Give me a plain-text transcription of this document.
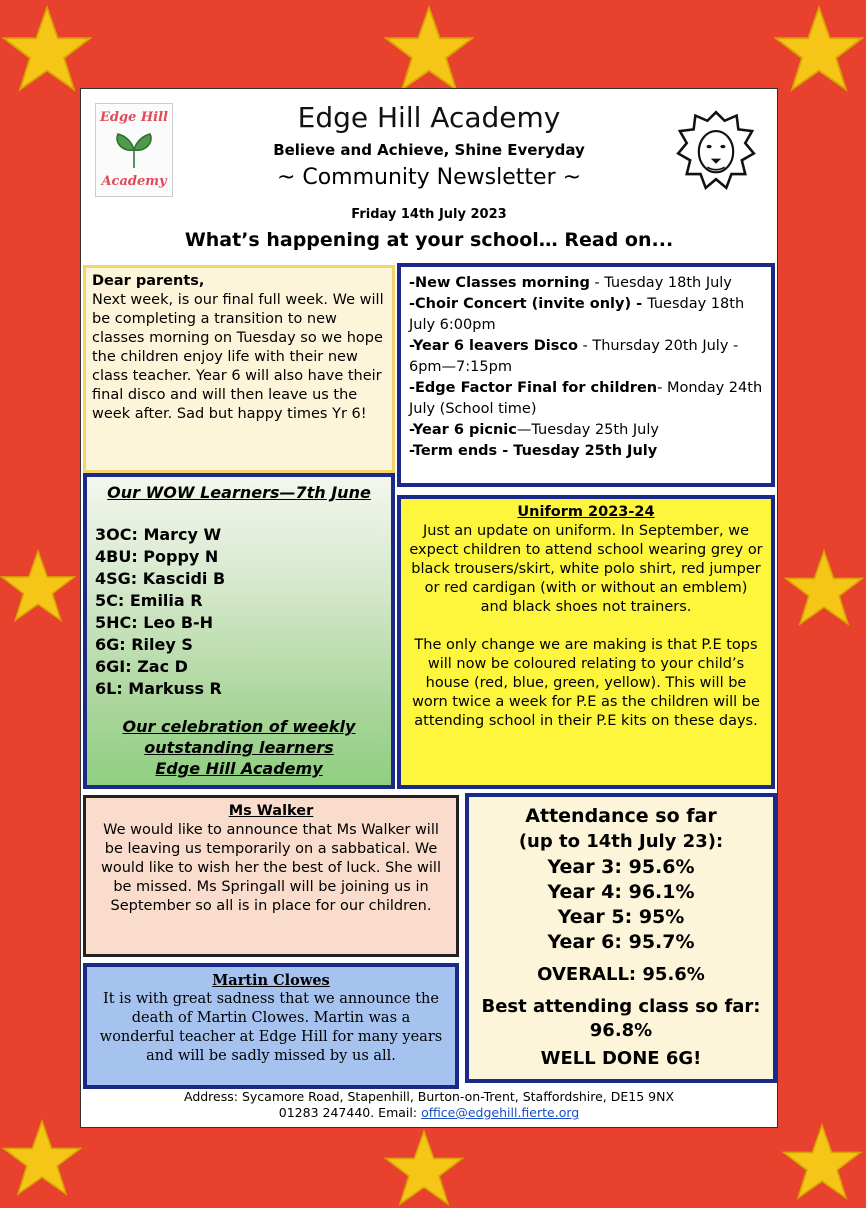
Edge Hill
Academy
Edge Hill Academy
Believe and Achieve, Shine Everyday
~ Community Newsletter ~
Friday 14th July 2023
What’s happening at your school… Read on...

Dear parents,

Next week, is our final full week. We will be completing a transition to new classes morning on Tuesday so we hope the children enjoy life with their new class teacher. Year 6 will also have their final disco and will then leave us the week after. Sad but happy times Yr 6!

-New Classes morning - Tuesday 18th July

-Choir Concert (invite only) - Tuesday 18th July 6:00pm

-Year 6 leavers Disco - Thursday 20th July - 6pm—7:15pm

-Edge Factor Final for children- Monday 24th July (School time)

-Year 6 picnic—Tuesday 25th July

-Term ends - Tuesday 25th July

Our WOW Learners—7th June

3OC: Marcy W

4BU: Poppy N

4SG: Kascidi B

5C: Emilia R

5HC: Leo B-H

6G: Riley S

6GI: Zac D

6L: Markuss R

Our celebration of weekly

outstanding learners

Edge Hill Academy

Uniform 2023-24

Just an update on uniform. In September, we expect children to attend school wearing grey or black trousers/skirt, white polo shirt, red jumper or red cardigan (with or without an emblem) and black shoes not trainers.

The only change we are making is that P.E tops will now be coloured relating to your child’s house (red, blue, green, yellow). This will be worn twice a week for P.E as the children will be attending school in their P.E kits on these days.

Ms Walker

We would like to announce that Ms Walker will be leaving us temporarily on a sabbatical. We would like to wish her the best of luck. She will be missed. Ms Springall will be joining us in September so all is in place for our children.

Martin Clowes

It is with great sadness that we announce the death of Martin Clowes. Martin was a wonderful teacher at Edge Hill for many years and will be sadly missed by us all.

Attendance so far

(up to 14th July 23):

Year 3: 95.6%

Year 4: 96.1%

Year 5: 95%

Year 6: 95.7%

OVERALL: 95.6%

Best attending class so far: 96.8%

WELL DONE 6G!

Address: Sycamore Road, Stapenhill, Burton-on-Trent, Staffordshire, DE15 9NX

01283 247440. Email: office@edgehill.fierte.org
